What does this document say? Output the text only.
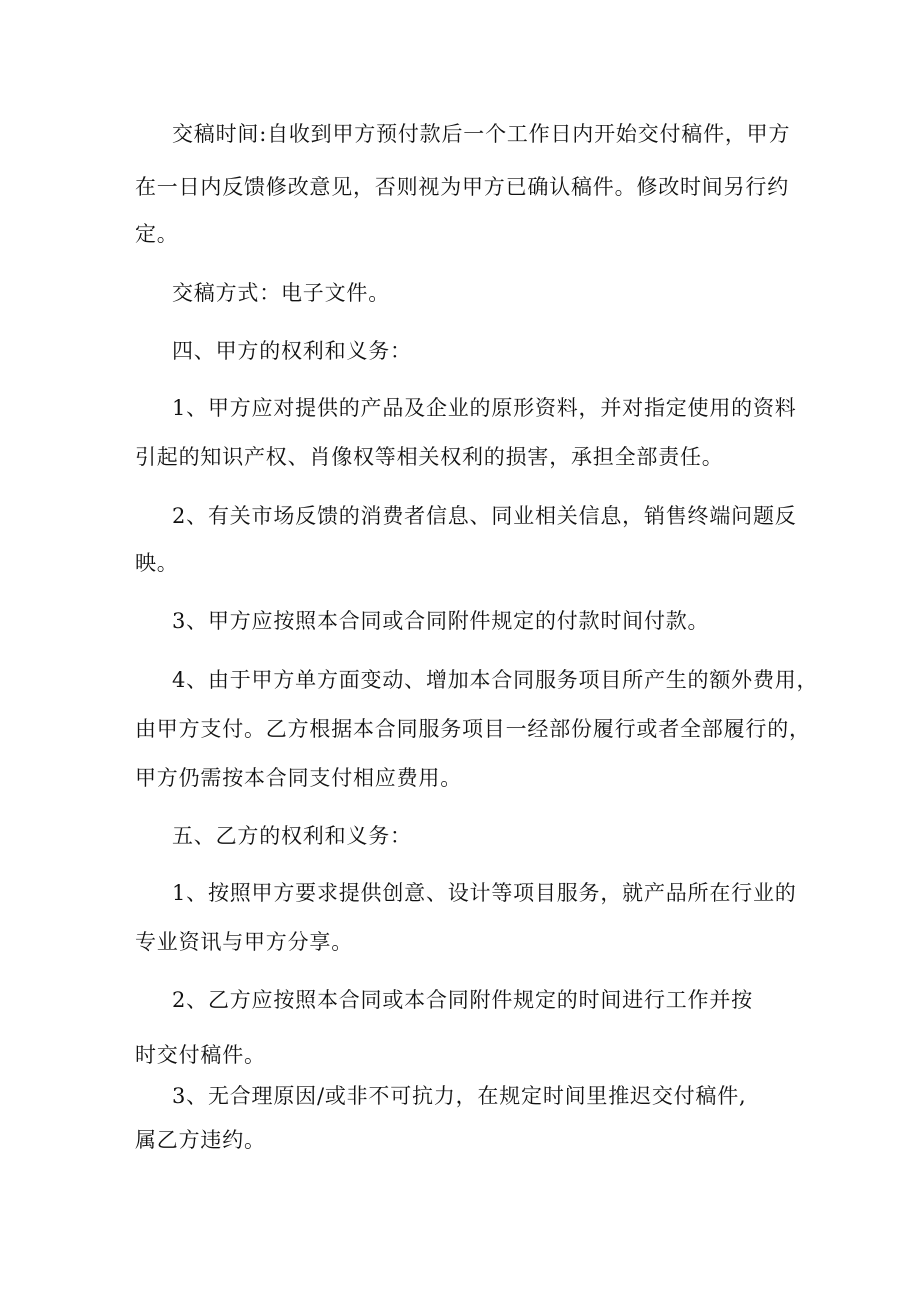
交稿时间:自收到甲方预付款后一个工作日内开始交付稿件，甲方
在一日内反馈修改意见，否则视为甲方已确认稿件。修改时间另行约
定。
交稿方式：电子文件。
四、甲方的权利和义务：
1、甲方应对提供的产品及企业的原形资料，并对指定使用的资料
引起的知识产权、肖像权等相关权利的损害，承担全部责任。
2、有关市场反馈的消费者信息、同业相关信息，销售终端问题反
映。
3、甲方应按照本合同或合同附件规定的付款时间付款。
4、由于甲方单方面变动、增加本合同服务项目所产生的额外费用，
由甲方支付。乙方根据本合同服务项目一经部份履行或者全部履行的，
甲方仍需按本合同支付相应费用。
五、乙方的权利和义务：
1、按照甲方要求提供创意、设计等项目服务，就产品所在行业的
专业资讯与甲方分享。
2、乙方应按照本合同或本合同附件规定的时间进行工作并按
时交付稿件。
3、无合理原因/或非不可抗力，在规定时间里推迟交付稿件,
属乙方违约。
